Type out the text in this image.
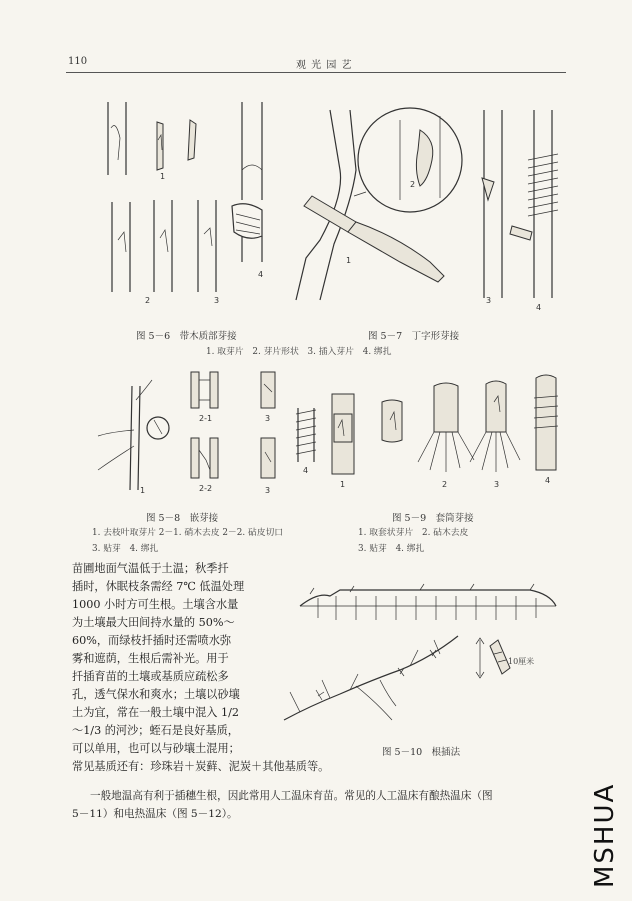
110	观 光 园 艺
1
2	3
4
1
2
3
4
图 5－6　带木质部芽接	图 5－7　丁字形芽接
1. 取芽片　2. 芽片形状　3. 插入芽片　4. 绑扎
1
2-1
2-2
3
3
4
1	2	3	4
图 5－8　嵌芽接
1. 去枝叶取芽片 2－1. 硝木去皮 2－2. 砧皮切口
3. 贴芽　4. 绑扎
图 5－9　套筒芽接
1. 取套状芽片　2. 砧木去皮
3. 贴芽　4. 绑扎
10厘米
图 5－10　根插法
苗圃地面气温低于土温；秋季扦
插时，休眠枝条需经 7℃ 低温处理
1000 小时方可生根。土壤含水量
为土壤最大田间持水量的 50%～
60%，而绿枝扦插时还需喷水弥
雾和遮荫，生根后需补光。用于
扦插育苗的土壤或基质应疏松多
孔，透气保水和爽水；土壤以砂壤
土为宜，常在一般土壤中混入 1/2
～1/3 的河沙；蛭石是良好基质，
可以单用，也可以与砂壤土混用；
常见基质还有：珍珠岩＋炭藓、泥炭＋其他基质等。
一般地温高有利于插穗生根，因此常用人工温床育苗。常见的人工温床有酿热温床（图
5－11）和电热温床（图 5－12）。	MSHUA
